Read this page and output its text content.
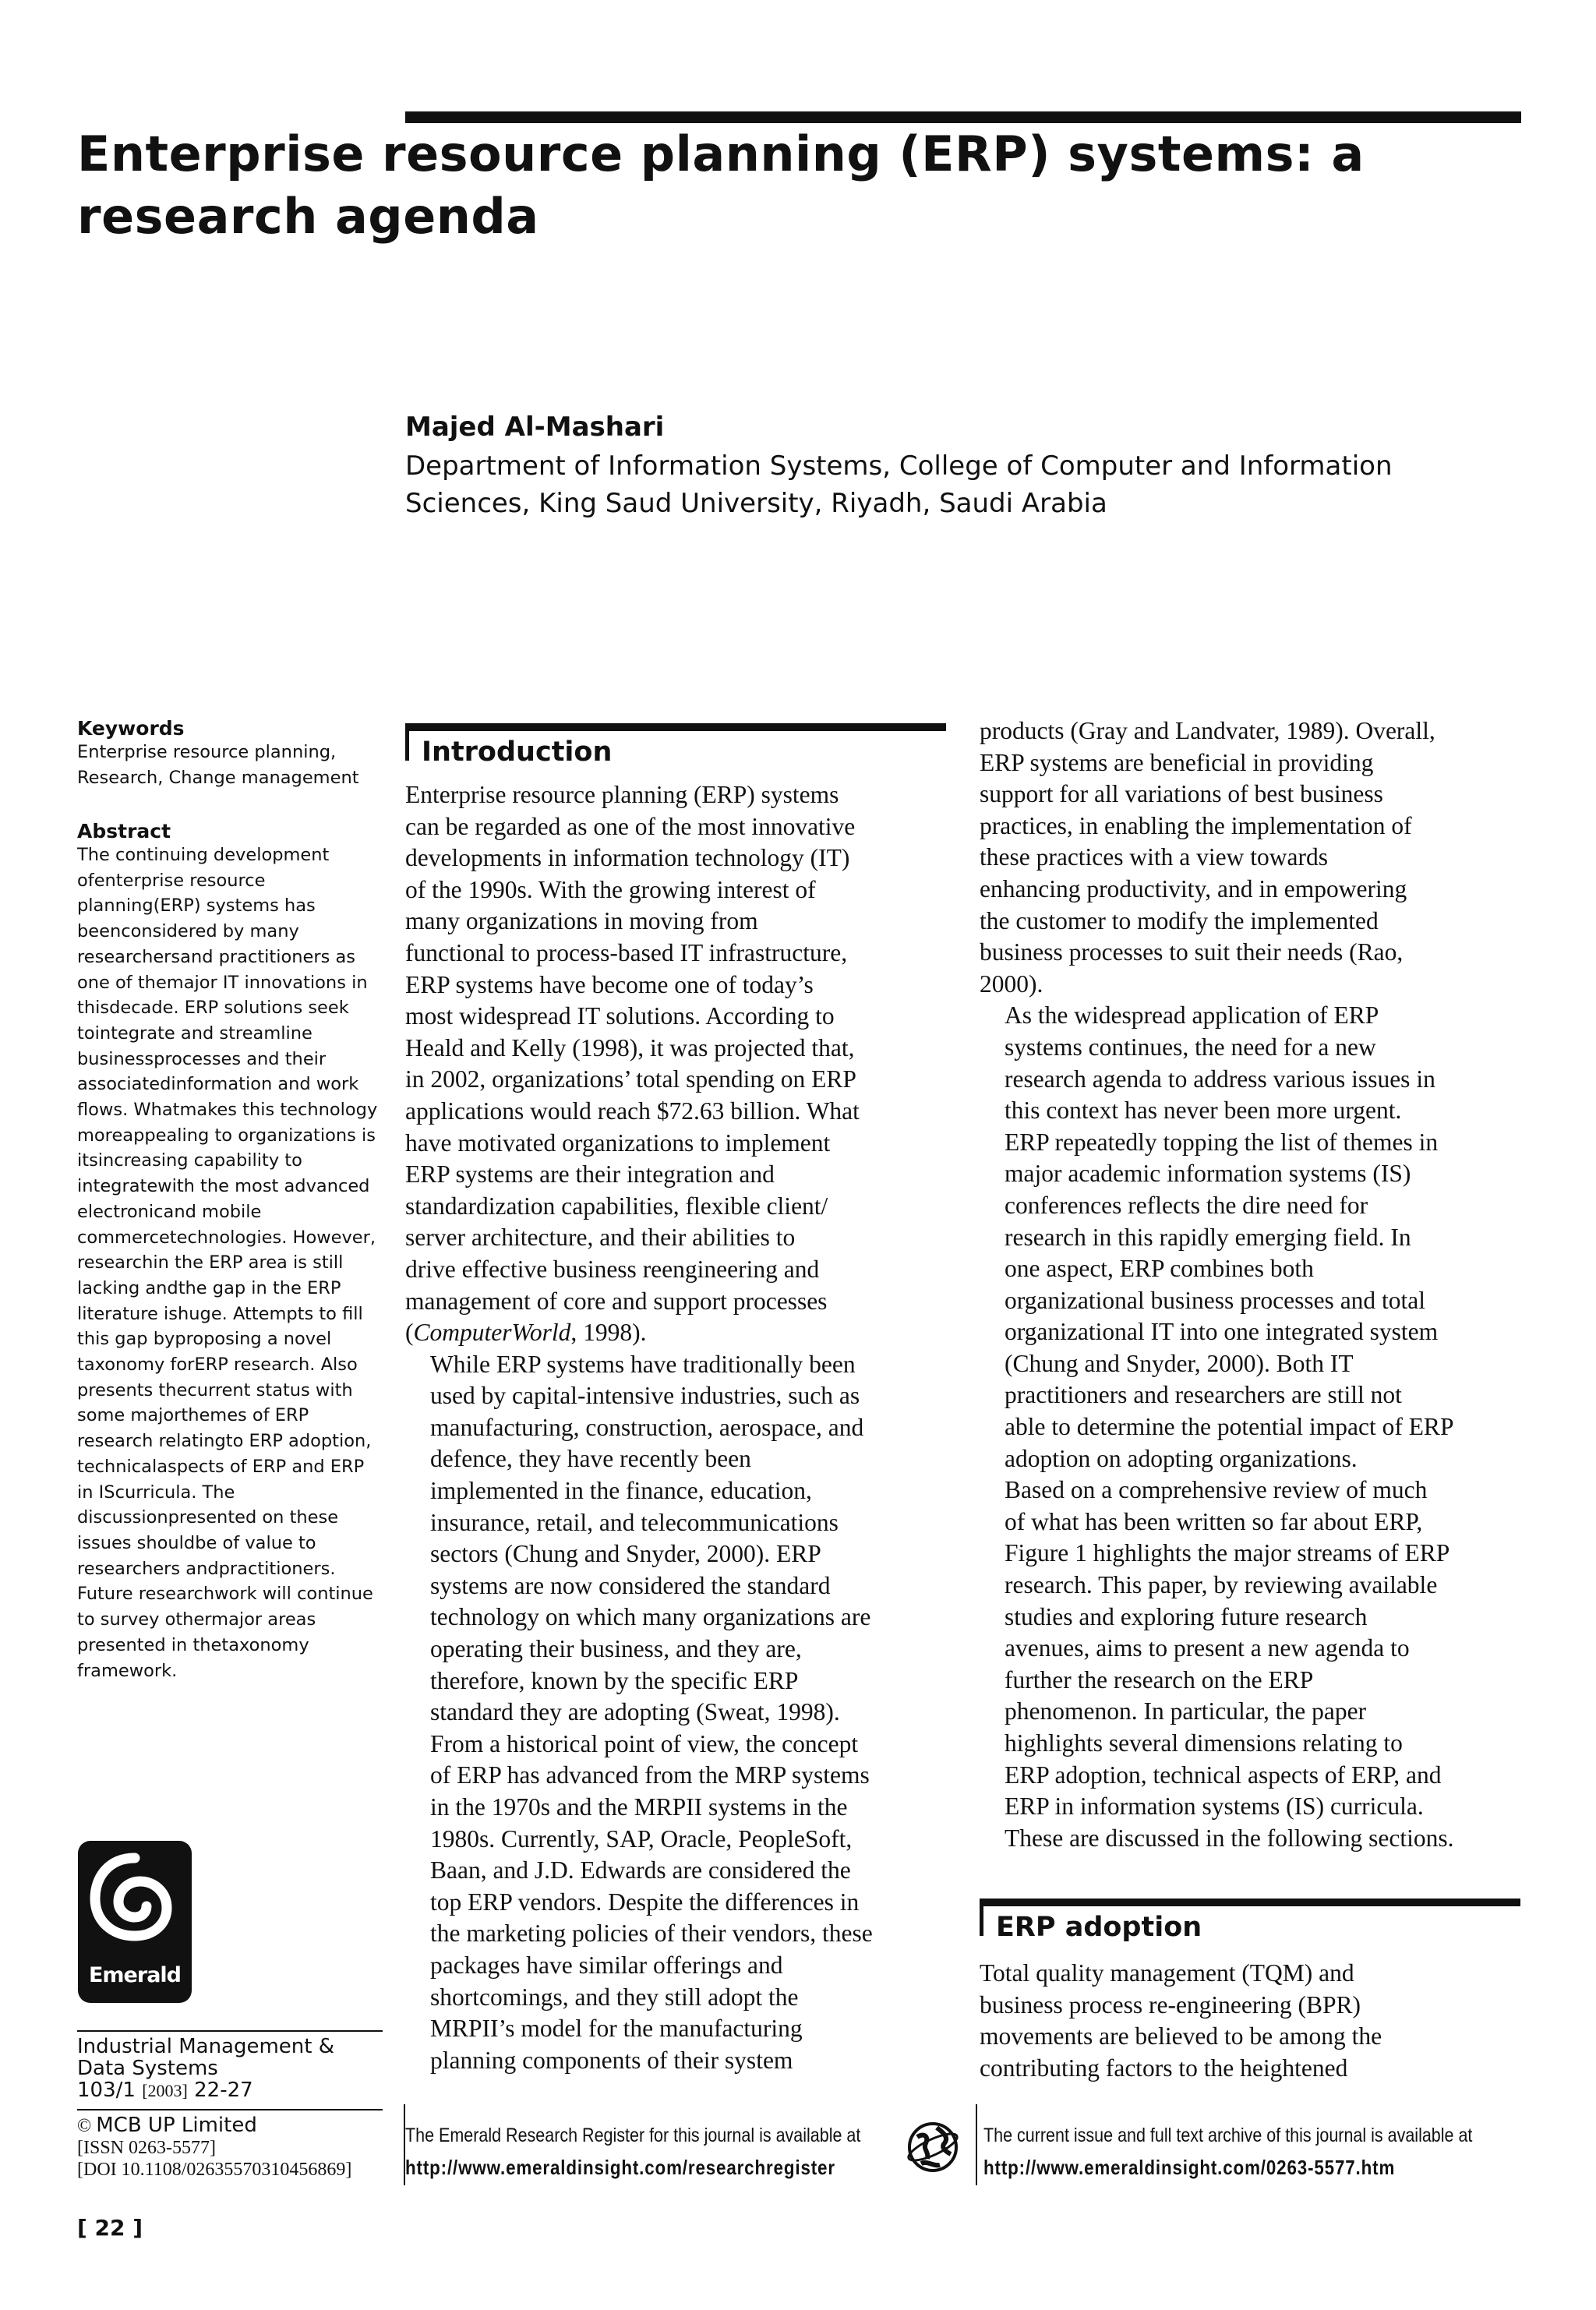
Enterprise resource planning (ERP) systems: a
research agenda
Majed Al-Mashari
Department of Information Systems, College of Computer and Information
Sciences, King Saud University, Riyadh, Saudi Arabia
Keywords
Enterprise resource planning,
Research, Change management
Abstract
The continuing development ofenterprise resource planning(ERP) systems has beenconsidered by many researchersand practitioners as one of themajor IT innovations in thisdecade. ERP solutions seek tointegrate and streamline businessprocesses and their associatedinformation and work flows. Whatmakes this technology moreappealing to organizations is itsincreasing capability to integratewith the most advanced electronicand mobile commercetechnologies. However, researchin the ERP area is still lacking andthe gap in the ERP literature ishuge. Attempts to fill this gap byproposing a novel taxonomy forERP research. Also presents thecurrent status with some majorthemes of ERP research relatingto ERP adoption, technicalaspects of ERP and ERP in IScurricula. The discussionpresented on these issues shouldbe of value to researchers andpractitioners. Future researchwork will continue to survey othermajor areas presented in thetaxonomy framework.
Emerald
Industrial Management &
Data Systems
103/1 [2003] 22-27
© MCB UP Limited
[ISSN 0263-5577]
[DOI 10.1108/02635570310456869]
[ 22 ]
Introduction

Enterprise resource planning (ERP) systems
can be regarded as one of the most innovative
developments in information technology (IT)
of the 1990s. With the growing interest of
many organizations in moving from
functional to process-based IT infrastructure,
ERP systems have become one of today’s
most widespread IT solutions. According to
Heald and Kelly (1998), it was projected that,
in 2002, organizations’ total spending on ERP
applications would reach $72.63 billion. What
have motivated organizations to implement
ERP systems are their integration and
standardization capabilities, flexible client/
server architecture, and their abilities to
drive effective business reengineering and
management of core and support processes

(ComputerWorld, 1998).

While ERP systems have traditionally been
used by capital-intensive industries, such as
manufacturing, construction, aerospace, and
defence, they have recently been
implemented in the finance, education,
insurance, retail, and telecommunications
sectors (Chung and Snyder, 2000). ERP
systems are now considered the standard
technology on which many organizations are
operating their business, and they are,
therefore, known by the specific ERP
standard they are adopting (Sweat, 1998).
From a historical point of view, the concept
of ERP has advanced from the MRP systems
in the 1970s and the MRPII systems in the
1980s. Currently, SAP, Oracle, PeopleSoft,
Baan, and J.D. Edwards are considered the
top ERP vendors. Despite the differences in
the marketing policies of their vendors, these
packages have similar offerings and
shortcomings, and they still adopt the
MRPII’s model for the manufacturing
planning components of their system

products (Gray and Landvater, 1989). Overall,
ERP systems are beneficial in providing
support for all variations of best business
practices, in enabling the implementation of
these practices with a view towards
enhancing productivity, and in empowering
the customer to modify the implemented
business processes to suit their needs (Rao,
2000).

As the widespread application of ERP
systems continues, the need for a new
research agenda to address various issues in
this context has never been more urgent.
ERP repeatedly topping the list of themes in
major academic information systems (IS)
conferences reflects the dire need for
research in this rapidly emerging field. In
one aspect, ERP combines both
organizational business processes and total
organizational IT into one integrated system
(Chung and Snyder, 2000). Both IT
practitioners and researchers are still not
able to determine the potential impact of ERP
adoption on adopting organizations.

Based on a comprehensive review of much
of what has been written so far about ERP,
Figure 1 highlights the major streams of ERP
research. This paper, by reviewing available
studies and exploring future research
avenues, aims to present a new agenda to
further the research on the ERP
phenomenon. In particular, the paper
highlights several dimensions relating to
ERP adoption, technical aspects of ERP, and
ERP in information systems (IS) curricula.
These are discussed in the following sections.

ERP adoption

Total quality management (TQM) and
business process re-engineering (BPR)
movements are believed to be among the
contributing factors to the heightened

The Emerald Research Register for this journal is available at
http://www.emeraldinsight.com/researchregister
The current issue and full text archive of this journal is available at
http://www.emeraldinsight.com/0263-5577.htm
